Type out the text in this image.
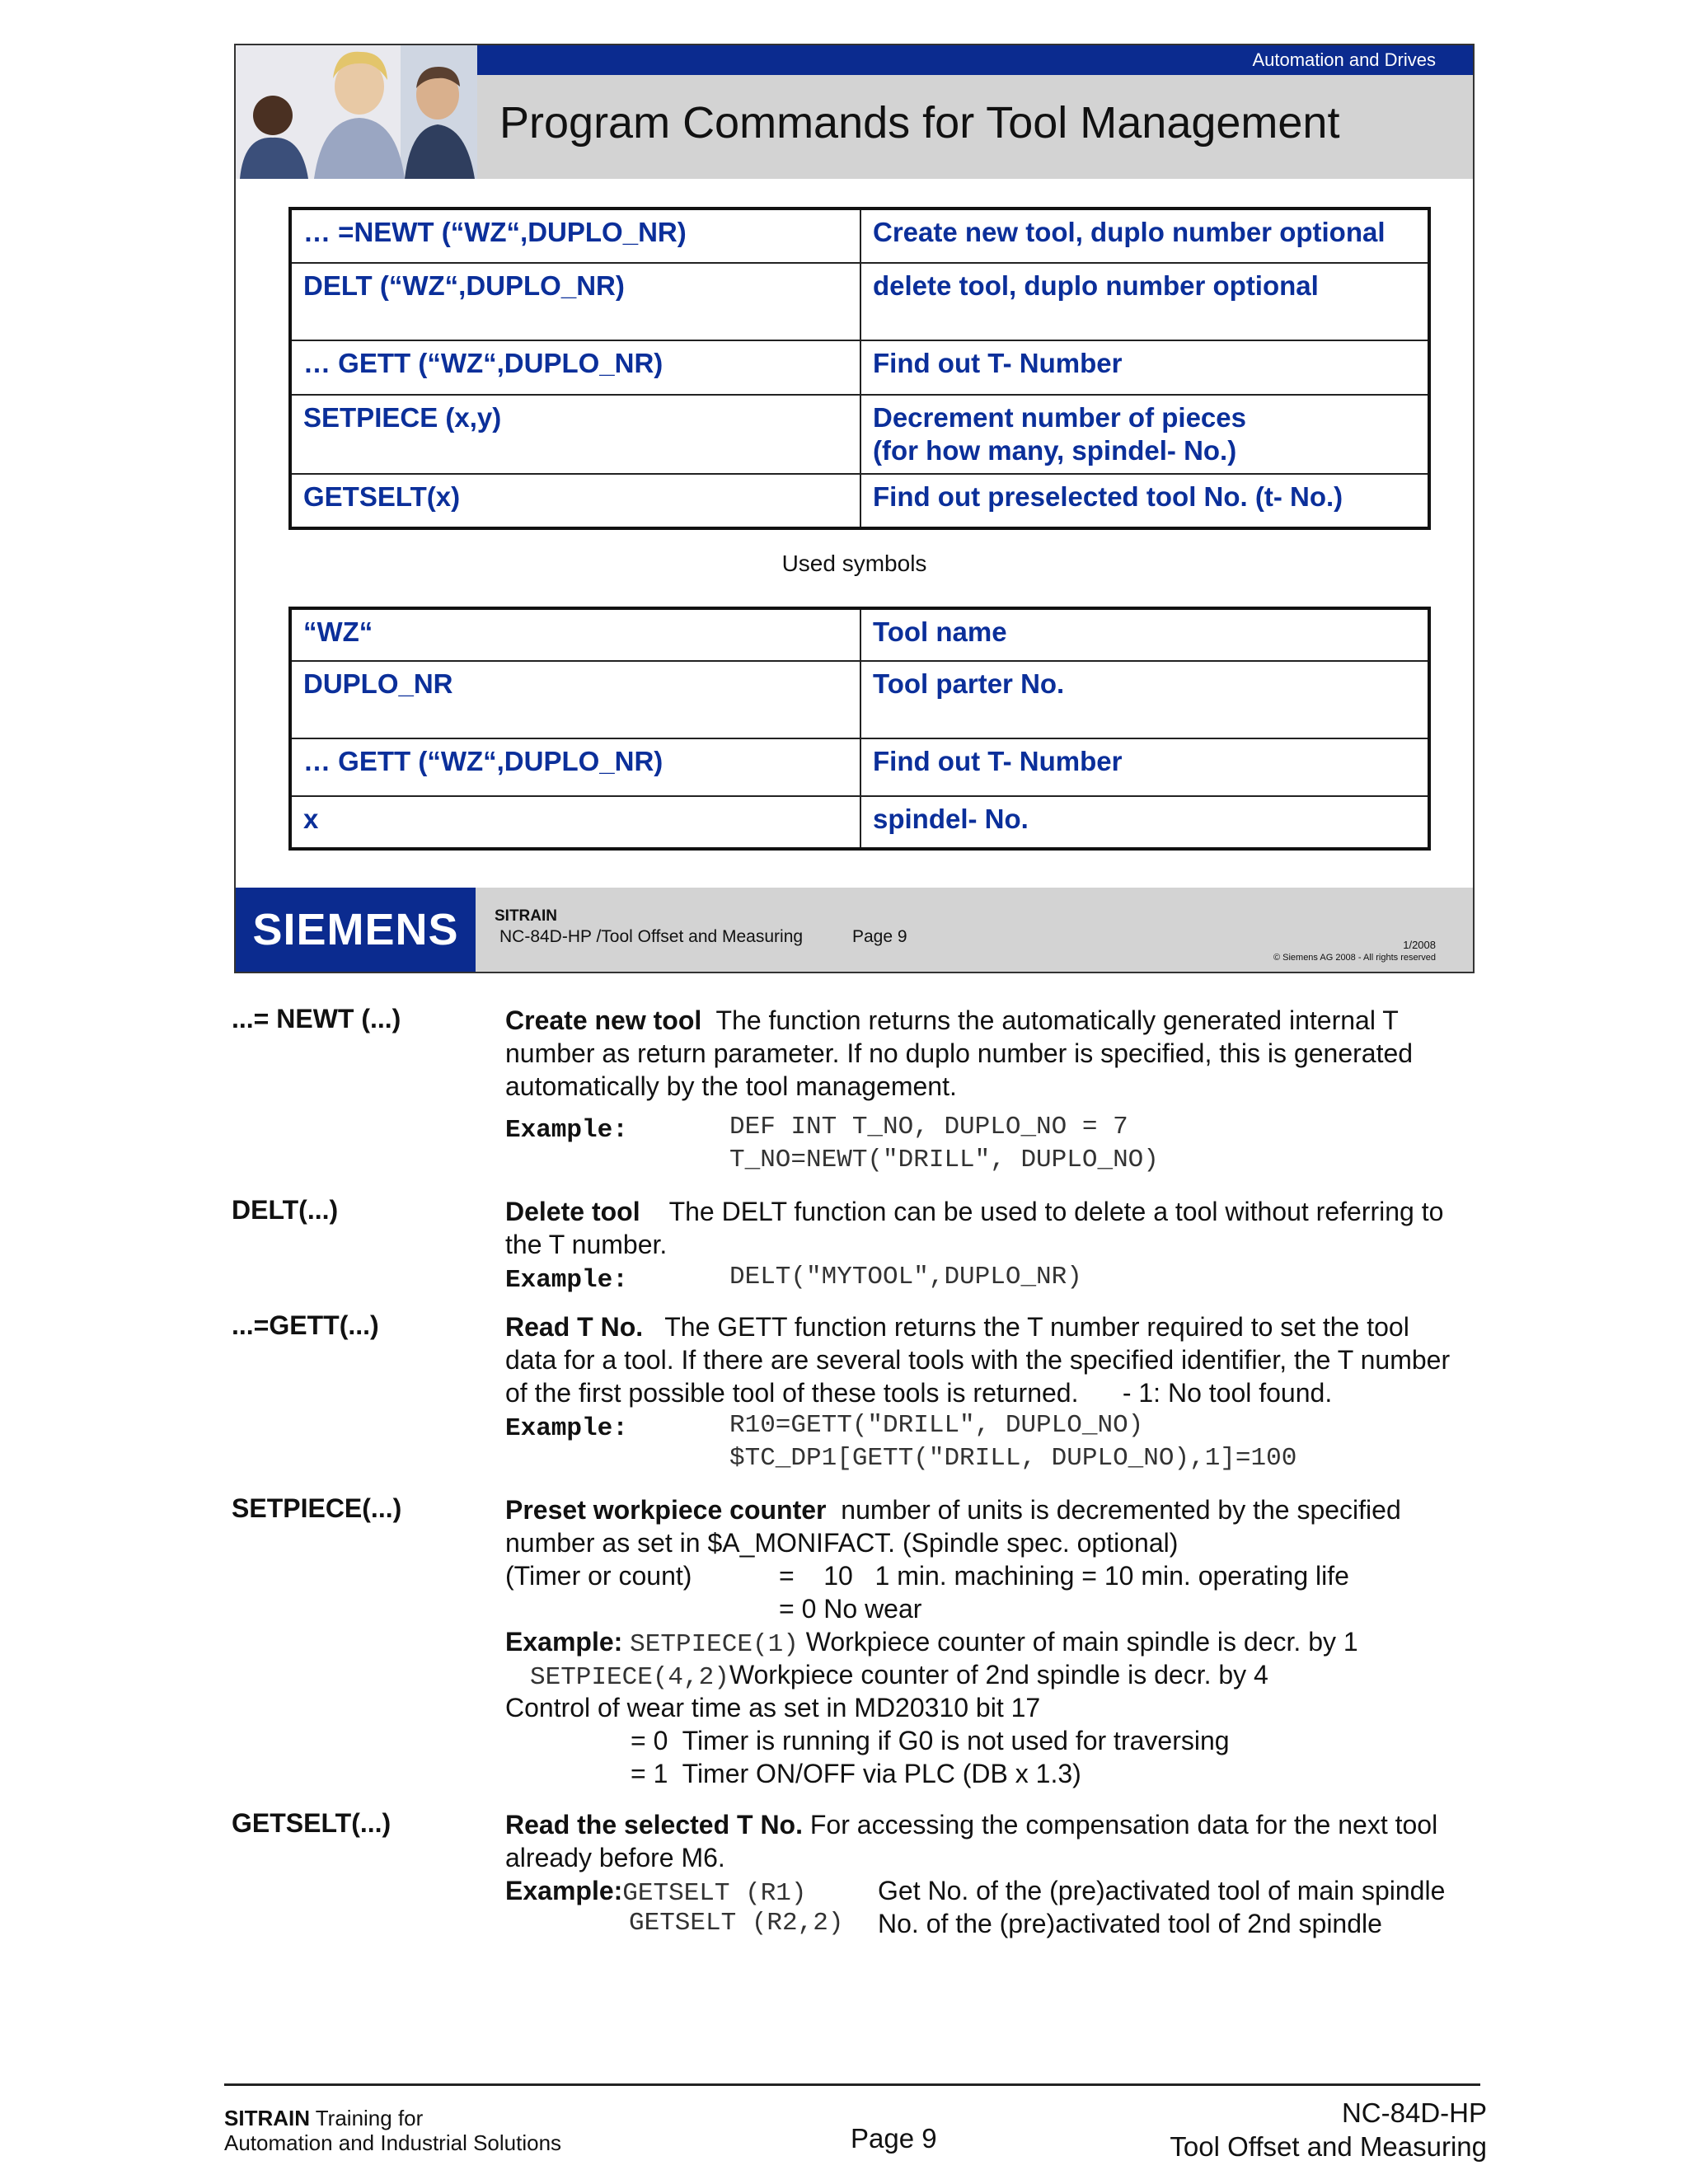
Automation and Drives
Program Commands for Tool Management
… =NEWT (“WZ“,DUPLO_NR)	Create new tool, duplo number optional
DELT (“WZ“,DUPLO_NR)	delete tool, duplo number optional
… GETT (“WZ“,DUPLO_NR)	Find out T- Number
SETPIECE (x,y)	Decrement number of pieces
(for how many, spindel- No.)

GETSELT(x)	Find out preselected tool No. (t- No.)
Used symbols
“WZ“	Tool name
DUPLO_NR	Tool parter No.
… GETT (“WZ“,DUPLO_NR)	Find out T- Number
x	spindel- No.
SIEMENS	SITRAIN
NC-84D-HP /Tool Offset and Measuring	Page 9	1/2008
© Siemens AG 2008 - All rights reserved
...= NEWT (...)	Create new tool  The function returns the automatically generated internal T
number as return parameter. If no duplo number is specified, this is generated
automatically by the tool management.
Example:	DEF INT T_NO, DUPLO_NO = 7
T_NO=NEWT("DRILL", DUPLO_NO)
DELT(...)	Delete tool    The DELT function can be used to delete a tool without referring to
the T number.
Example:	DELT("MYTOOL",DUPLO_NR)
...=GETT(...)	Read T No.   The GETT function returns the T number required to set the tool
data for a tool. If there are several tools with the specified identifier, the T number
of the first possible tool of these tools is returned.      - 1: No tool found.
Example:	R10=GETT("DRILL", DUPLO_NO)
$TC_DP1[GETT("DRILL, DUPLO_NO),1]=100
SETPIECE(...)	Preset workpiece counter  number of units is decremented by the specified
number as set in $A_MONIFACT. (Spindle spec. optional)
(Timer or count)	=    10   1 min. machining = 10 min. operating life
= 0 No wear
Example: SETPIECE(1) Workpiece counter of main spindle is decr. by 1
SETPIECE(4,2)Workpiece counter of 2nd spindle is decr. by 4
Control of wear time as set in MD20310 bit 17
= 0  Timer is running if G0 is not used for traversing
= 1  Timer ON/OFF via PLC (DB x 1.3)
GETSELT(...)	Read the selected T No. For accessing the compensation data for the next tool
already before M6.
Example:GETSELT (R1)	Get No. of the (pre)activated tool of main spindle
GETSELT (R2,2) No. of the (pre)activated tool of 2nd spindle
SITRAIN Training for
Automation and Industrial Solutions	Page 9
NC-84D-HP
Tool Offset and Measuring
